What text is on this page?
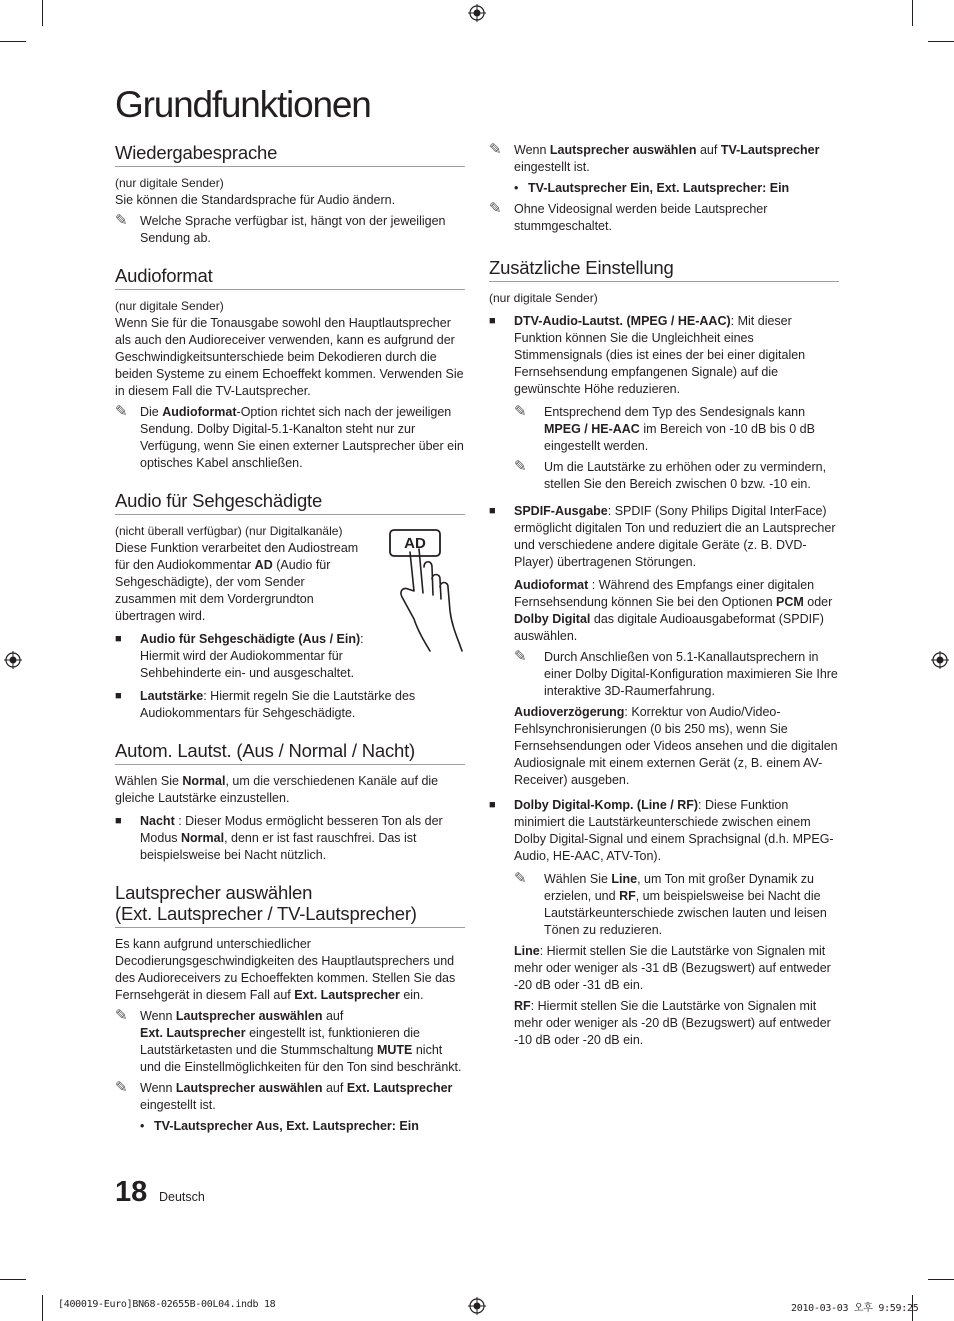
Grundfunktionen
Wiedergabesprache

(nur digitale Sender)

Sie können die Standardsprache für Audio ändern.

✎ Welche Sprache verfügbar ist, hängt von der jeweiligen Sendung ab.
Audioformat

(nur digitale Sender)

Wenn Sie für die Tonausgabe sowohl den Hauptlautsprecher als auch den Audioreceiver verwenden, kann es aufgrund der Geschwindigkeitsunterschiede beim Dekodieren durch die beiden Systeme zu einem Echoeffekt kommen. Verwenden Sie in diesem Fall die TV-Lautsprecher.

✎ Die Audioformat-Option richtet sich nach der jeweiligen Sendung. Dolby Digital-5.1-Kanalton steht nur zur Verfügung, wenn Sie einen externer Lautsprecher über ein optisches Kabel anschließen.
Audio für Sehgeschädigte

(nicht überall verfügbar) (nur Digitalkanäle)

Diese Funktion verarbeitet den Audiostream für den Audiokommentar AD (Audio für Sehgeschädigte), der vom Sender zusammen mit dem Vordergrundton übertragen wird.

■	Audio für Sehgeschädigte (Aus / Ein): Hiermit wird der Audiokommentar für Sehbehinderte ein- und ausgeschaltet.
■	Lautstärke: Hiermit regeln Sie die Lautstärke des Audiokommentars für Sehgeschädigte.
Autom. Lautst. (Aus / Normal / Nacht)

Wählen Sie Normal, um die verschiedenen Kanäle auf die gleiche Lautstärke einzustellen.

■	Nacht : Dieser Modus ermöglicht besseren Ton als der Modus Normal, denn er ist fast rauschfrei. Das ist beispielsweise bei Nacht nützlich.
Lautsprecher auswählen
(Ext. Lautsprecher / TV-Lautsprecher)

Es kann aufgrund unterschiedlicher Decodierungsgeschwindigkeiten des Hauptlautsprechers und des Audioreceivers zu Echoeffekten kommen. Stellen Sie das Fernsehgerät in diesem Fall auf Ext. Lautsprecher ein.

✎ Wenn Lautsprecher auswählen auf
Ext. Lautsprecher eingestellt ist, funktionieren die Lautstärketasten und die Stummschaltung MUTE nicht und die Einstellmöglichkeiten für den Ton sind beschränkt.
✎ Wenn Lautsprecher auswählen auf Ext. Lautsprecher eingestellt ist.
• TV-Lautsprecher Aus, Ext. Lautsprecher: Ein
AD
✎ Wenn Lautsprecher auswählen auf TV-Lautsprecher eingestellt ist.
• TV-Lautsprecher Ein, Ext. Lautsprecher: Ein
✎ Ohne Videosignal werden beide Lautsprecher stummgeschaltet.
Zusätzliche Einstellung

(nur digitale Sender)

■	DTV-Audio-Lautst. (MPEG / HE-AAC): Mit dieser Funktion können Sie die Ungleichheit eines Stimmensignals (dies ist eines der bei einer digitalen Fernsehsendung empfangenen Signale) auf die gewünschte Höhe reduzieren.
✎	Entsprechend dem Typ des Sendesignals kann MPEG / HE-AAC im Bereich von -10 dB bis 0 dB eingestellt werden.
✎	Um die Lautstärke zu erhöhen oder zu vermindern, stellen Sie den Bereich zwischen 0 bzw. -10 ein.
■	SPDIF-Ausgabe: SPDIF (Sony Philips Digital InterFace) ermöglicht digitalen Ton und reduziert die an Lautsprecher und verschiedene andere digitale Geräte (z. B. DVD-Player) übertragenen Störungen.

Audioformat : Während des Empfangs einer digitalen Fernsehsendung können Sie bei den Optionen PCM oder Dolby Digital das digitale Audioausgabeformat (SPDIF) auswählen.

✎	Durch Anschließen von 5.1-Kanallautsprechern in einer Dolby Digital-Konfiguration maximieren Sie Ihre interaktive 3D-Raumerfahrung.

Audioverzögerung: Korrektur von Audio/Video-Fehlsynchronisierungen (0 bis 250 ms), wenn Sie Fernsehsendungen oder Videos ansehen und die digitalen Audiosignale mit einem externen Gerät (z, B. einem AV-Receiver) ausgeben.

■	Dolby Digital-Komp. (Line / RF): Diese Funktion minimiert die Lautstärkeunterschiede zwischen einem Dolby Digital-Signal und einem Sprachsignal (d.h. MPEG-Audio, HE-AAC, ATV-Ton).
✎	Wählen Sie Line, um Ton mit großer Dynamik zu erzielen, und RF, um beispielsweise bei Nacht die Lautstärkeunterschiede zwischen lauten und leisen Tönen zu reduzieren.

Line: Hiermit stellen Sie die Lautstärke von Signalen mit mehr oder weniger als -31 dB (Bezugswert) auf entweder -20 dB oder -31 dB ein.

RF: Hiermit stellen Sie die Lautstärke von Signalen mit mehr oder weniger als -20 dB (Bezugswert) auf entweder -10 dB oder -20 dB ein.

18 Deutsch
[400019-Euro]BN68-02655B-00L04.indb 18	2010-03-03 오후 9:59:25
